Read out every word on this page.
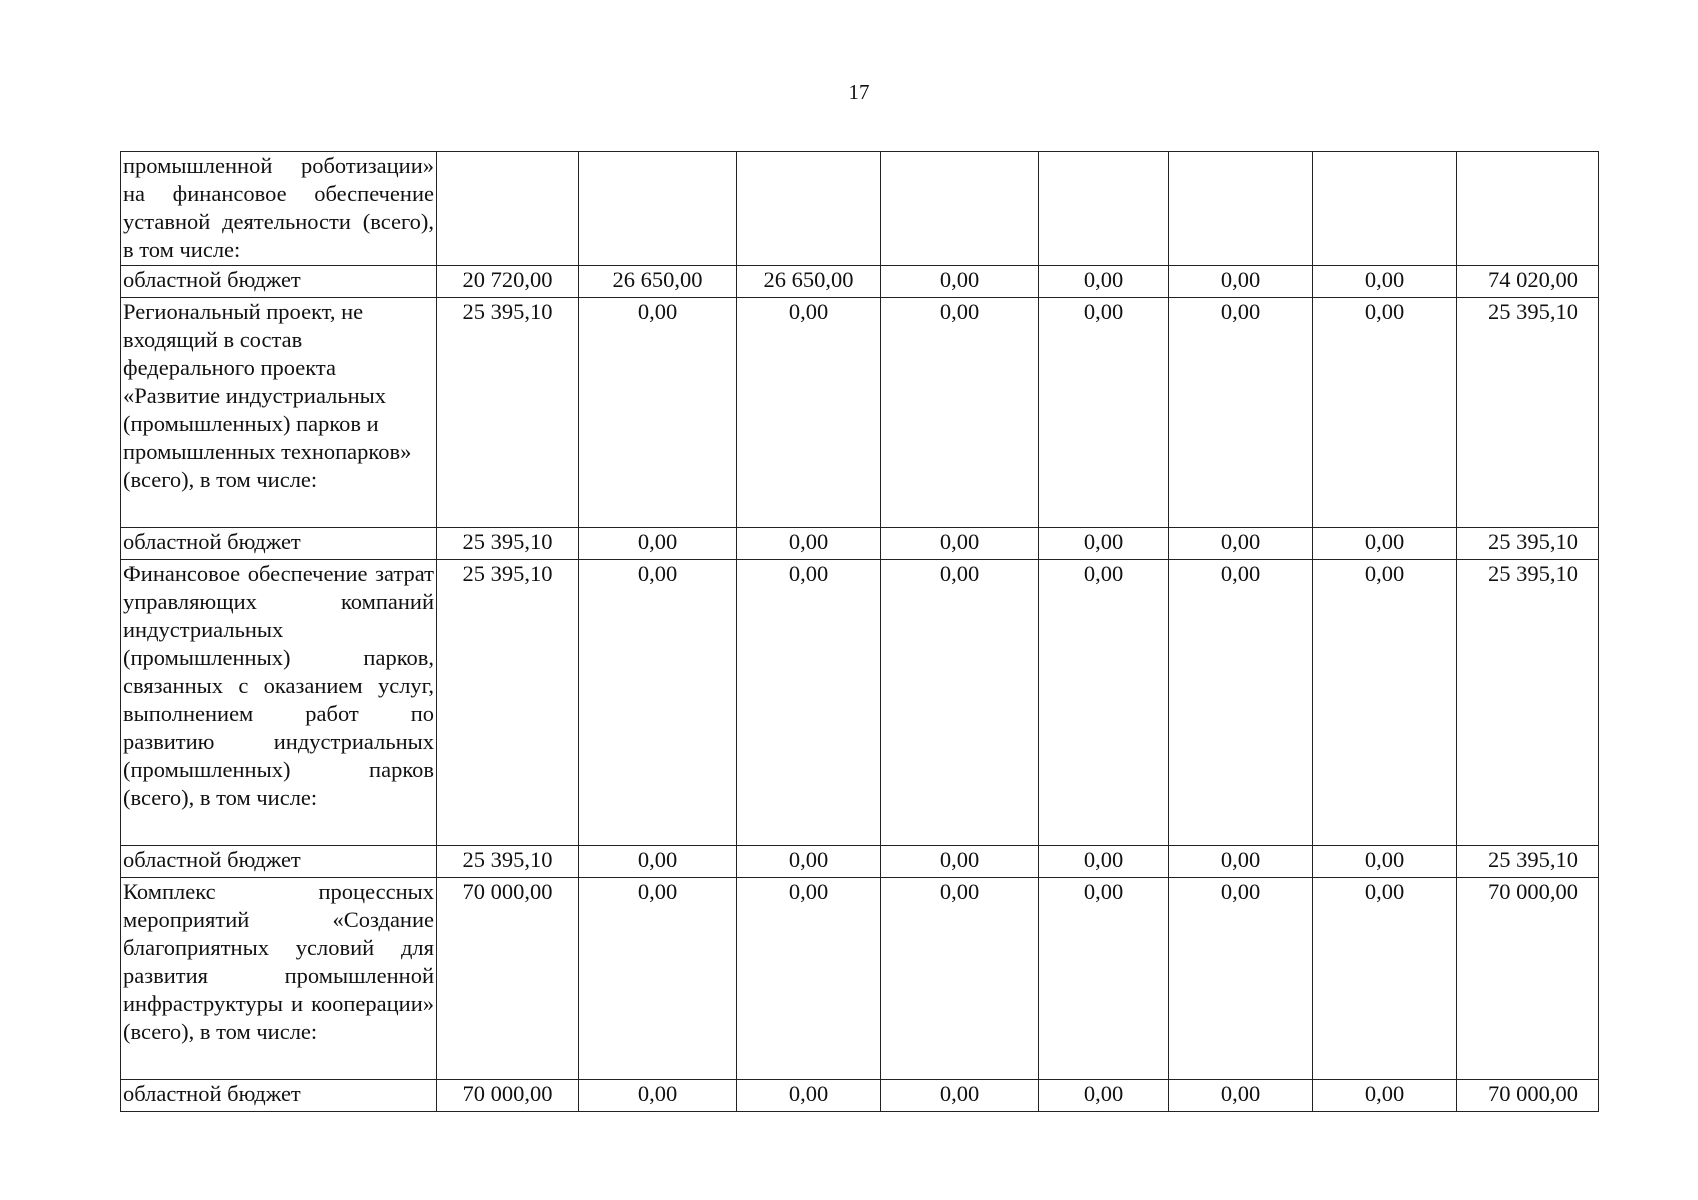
17
промышленной роботизации» на финансовое обеспечение уставной деятельности (всего), в том числе:								
областной бюджет	20 720,00	26 650,00	26 650,00	0,00	0,00	0,00	0,00	74 020,00
Региональный проект, не входящий в состав федерального проекта «Развитие индустриальных (промышленных) парков и промышленных технопарков» (всего), в том числе:	25 395,10	0,00	0,00	0,00	0,00	0,00	0,00	25 395,10
областной бюджет	25 395,10	0,00	0,00	0,00	0,00	0,00	0,00	25 395,10
Финансовое обеспечение затрат управляющих компаний индустриальных (промышленных) парков, связанных с оказанием услуг, выполнением работ по развитию индустриальных (промышленных) парков (всего), в том числе:	25 395,10	0,00	0,00	0,00	0,00	0,00	0,00	25 395,10
областной бюджет	25 395,10	0,00	0,00	0,00	0,00	0,00	0,00	25 395,10
Комплекс процессных мероприятий «Создание благоприятных условий для развития промышленной инфраструктуры и кооперации» (всего), в том числе:	70 000,00	0,00	0,00	0,00	0,00	0,00	0,00	70 000,00
областной бюджет	70 000,00	0,00	0,00	0,00	0,00	0,00	0,00	70 000,00
